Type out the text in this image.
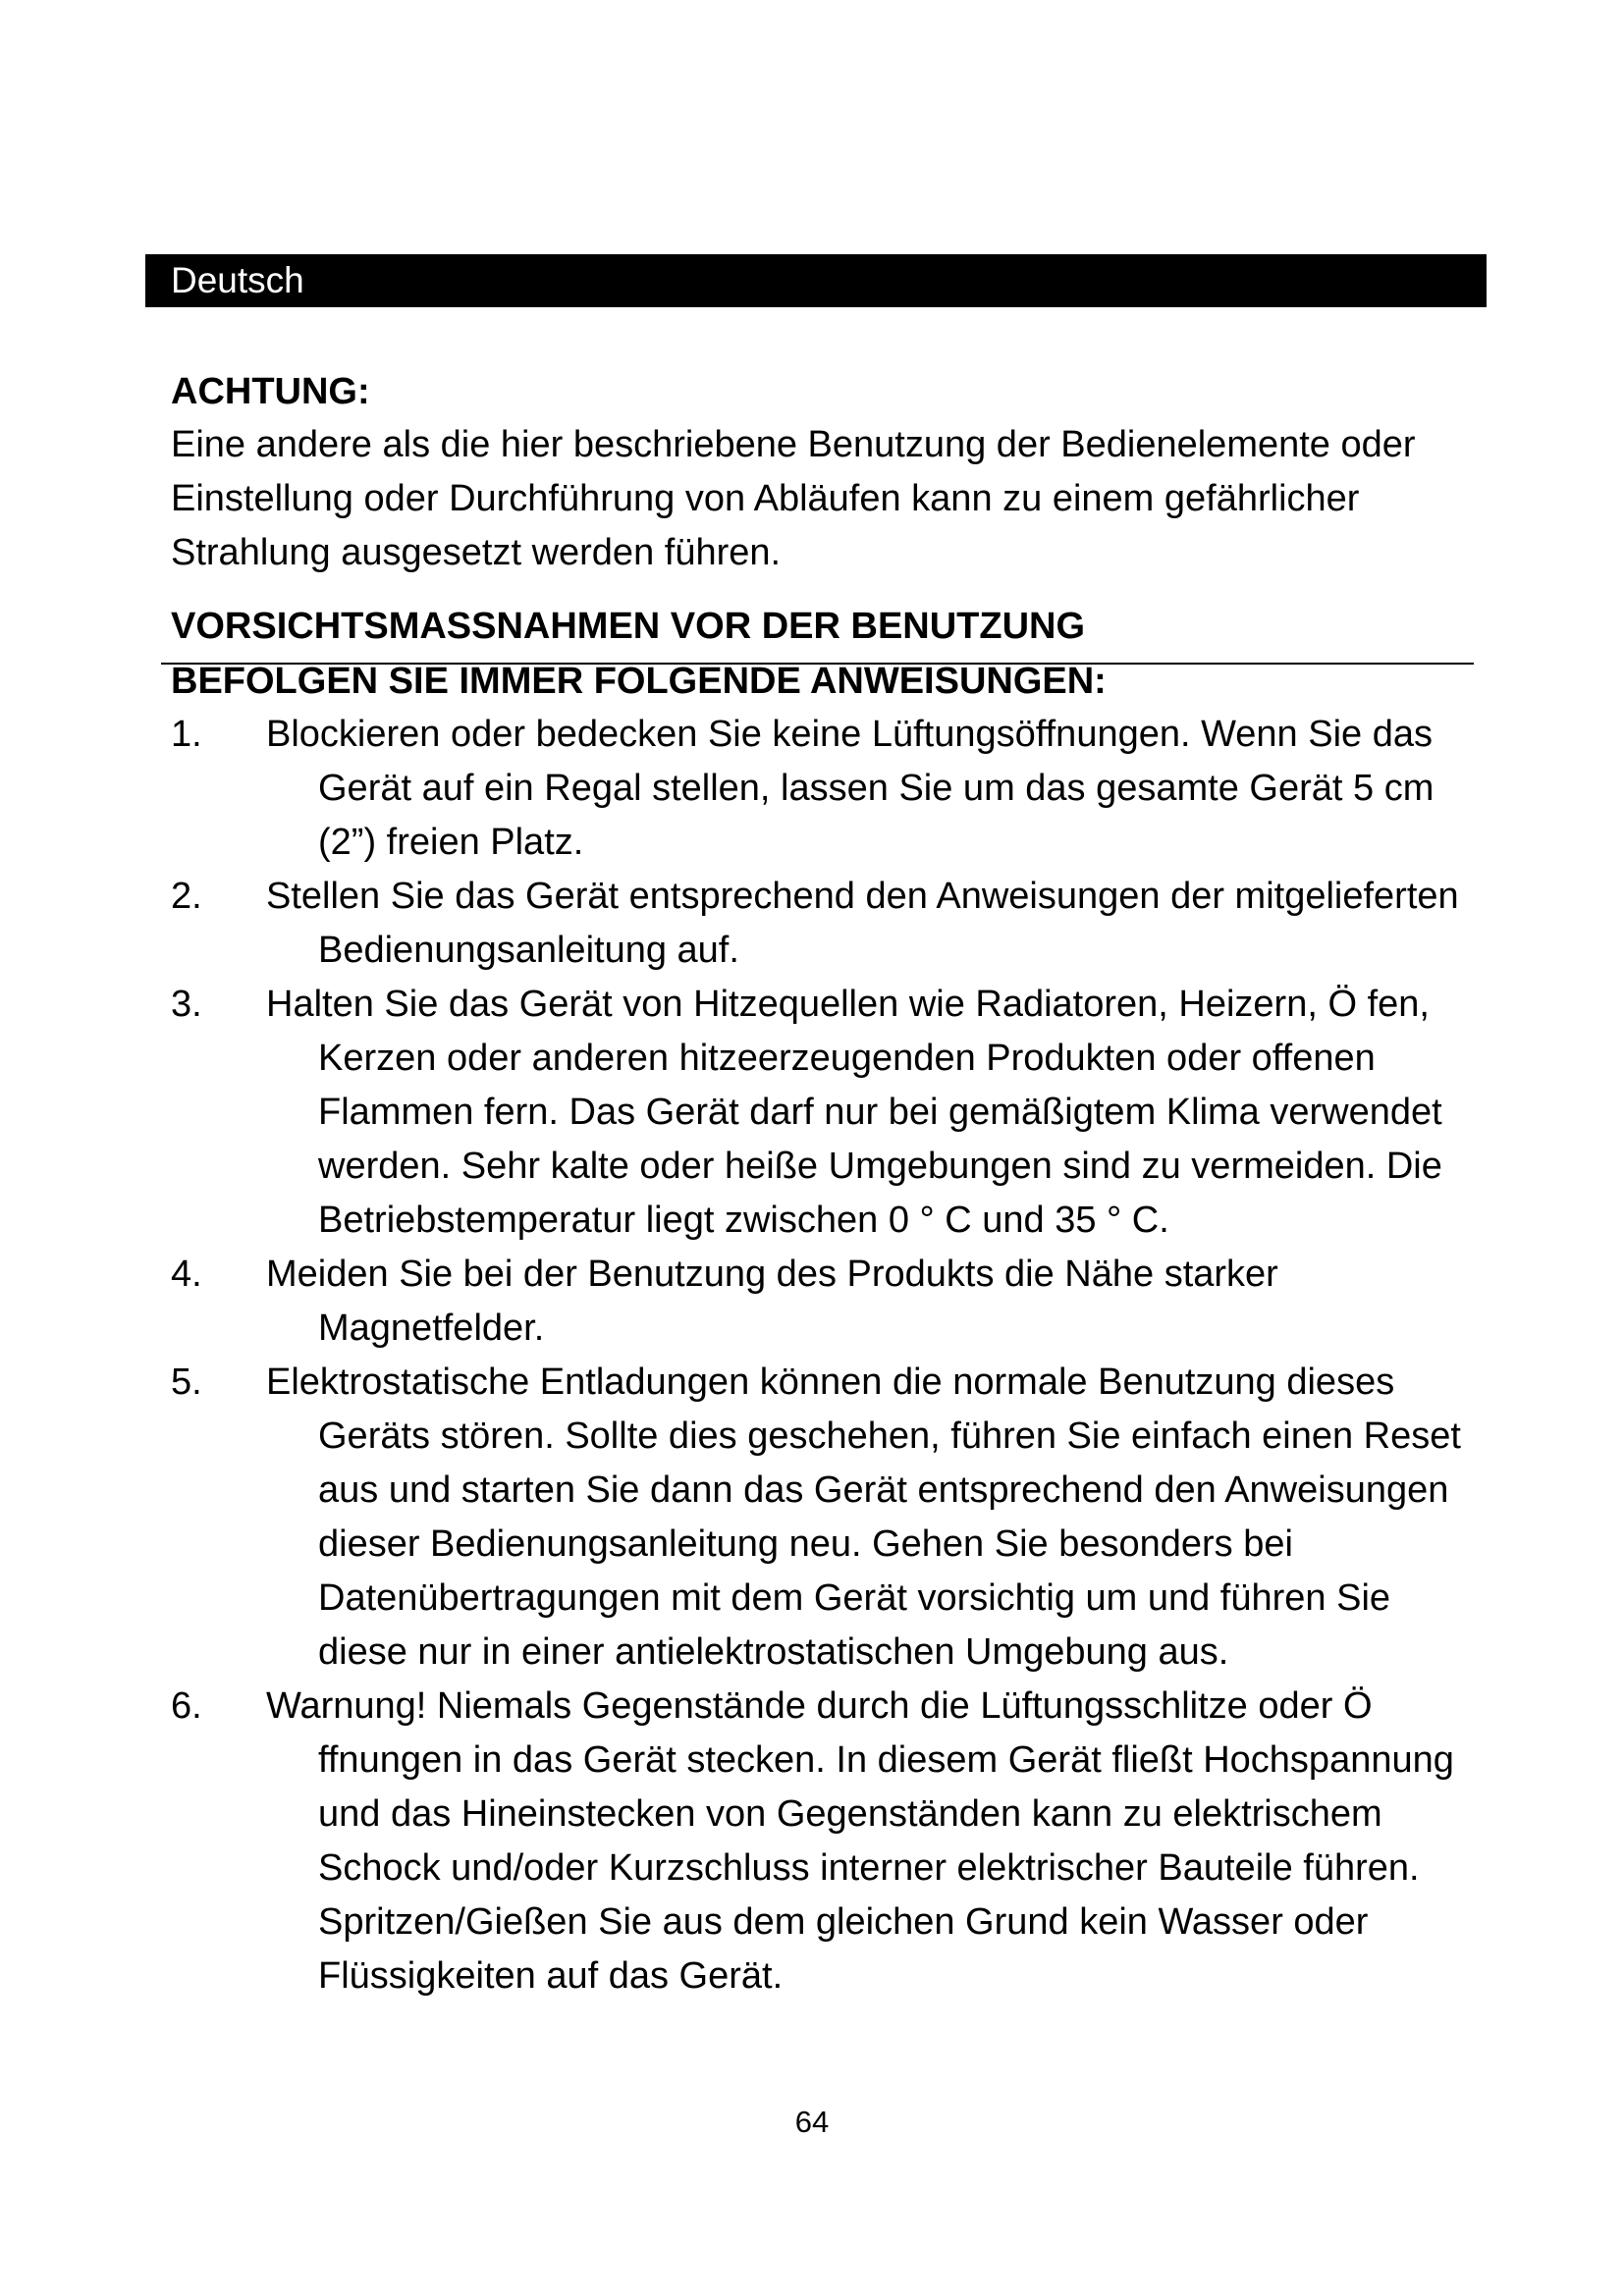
Deutsch

ACHTUNG:

Eine andere als die hier beschriebene Benutzung der Bedienelemente oder Einstellung oder Durchführung von Abläufen kann zu einem gefährlicher Strahlung ausgesetzt werden führen.

VORSICHTSMASSNAHMEN VOR DER BENUTZUNG
BEFOLGEN SIE IMMER FOLGENDE ANWEISUNGEN:
1.	Blockieren oder bedecken Sie keine Lüftungsöffnungen. Wenn Sie das Gerät auf ein Regal stellen, lassen Sie um das gesamte Gerät 5 cm (2”) freien Platz.
2.	Stellen Sie das Gerät entsprechend den Anweisungen der mitgelieferten Bedienungsanleitung auf.
3.	Halten Sie das Gerät von Hitzequellen wie Radiatoren, Heizern, Ö fen, Kerzen oder anderen hitzeerzeugenden Produkten oder offenen Flammen fern. Das Gerät darf nur bei gemäßigtem Klima verwendet werden. Sehr kalte oder heiße Umgebungen sind zu vermeiden. Die Betriebstemperatur liegt zwischen 0 ° C und 35 ° C.
4.	Meiden Sie bei der Benutzung des Produkts die Nähe starker Magnetfelder.
5.	Elektrostatische Entladungen können die normale Benutzung dieses Geräts stören. Sollte dies geschehen, führen Sie einfach einen Reset aus und starten Sie dann das Gerät entsprechend den Anweisungen dieser Bedienungsanleitung neu. Gehen Sie besonders bei Datenübertragungen mit dem Gerät vorsichtig um und führen Sie diese nur in einer antielektrostatischen Umgebung aus.
6.	Warnung! Niemals Gegenstände durch die Lüftungsschlitze oder Ö ffnungen in das Gerät stecken. In diesem Gerät fließt Hochspannung und das Hineinstecken von Gegenständen kann zu elektrischem Schock und/oder Kurzschluss interner elektrischer Bauteile führen. Spritzen/Gießen Sie aus dem gleichen Grund kein Wasser oder Flüssigkeiten auf das Gerät.
64
